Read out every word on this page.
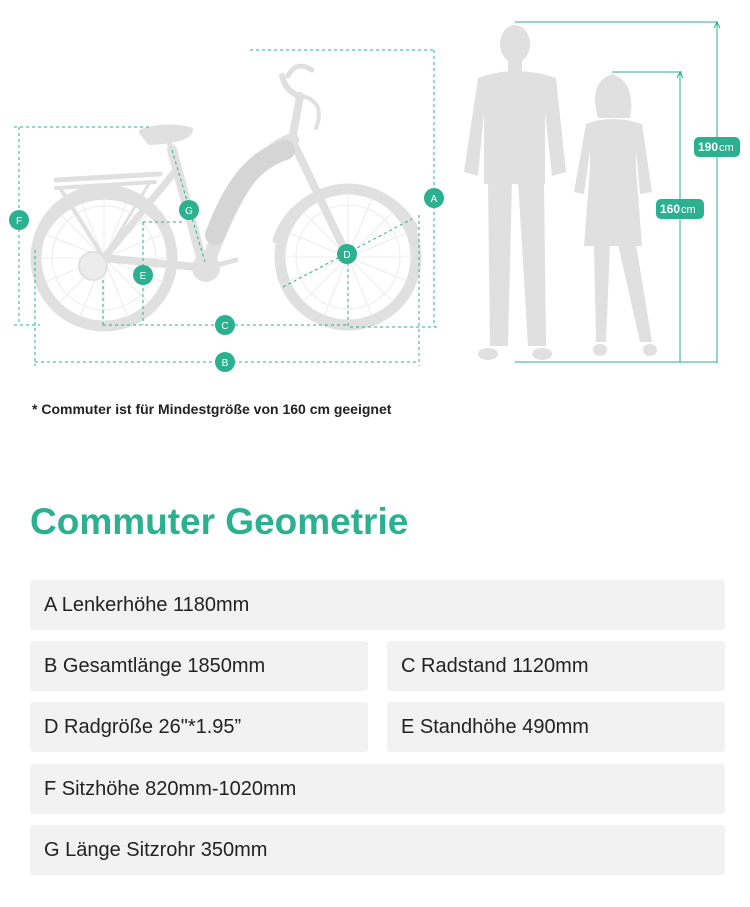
190cm
160cm
A
B
C
D
E
F
G
* Commuter ist für Mindestgröße von 160 cm geeignet
Commuter Geometrie
A Lenkerhöhe 1180mm
B Gesamtlänge 1850mm	C Radstand 1120mm
D Radgröße 26"*1.95”	E Standhöhe 490mm
F Sitzhöhe 820mm-1020mm
G Länge Sitzrohr 350mm
